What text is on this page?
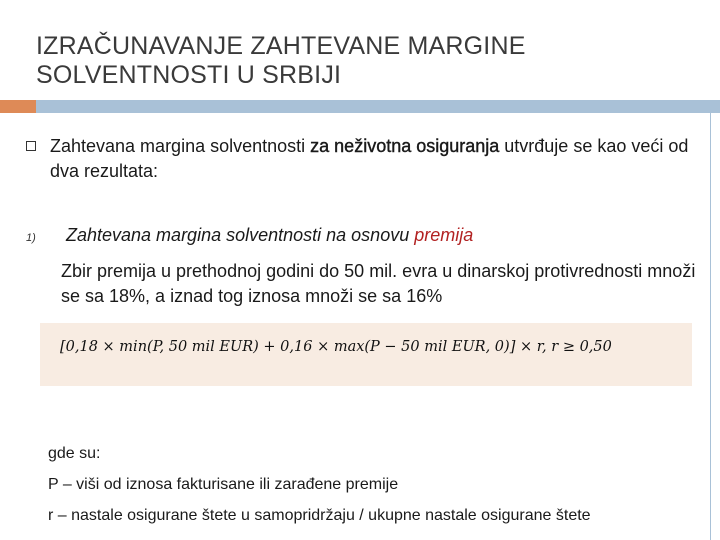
IZRAČUNAVANJE ZAHTEVANE MARGINE
SOLVENTNOSTI U SRBIJI
Zahtevana margina solventnosti za neživotna osiguranja utvrđuje se kao veći od dva rezultata:
1) Zahtevana margina solventnosti na osnovu premija
Zbir premija u prethodnoj godini do 50 mil. evra u dinarskoj protivrednosti množi se sa 18%, a iznad tog iznosa množi se sa 16%
[0,18 × min(P, 50 mil EUR) + 0,16 × max(P − 50 mil EUR, 0)] × r, r ≥ 0,50
gde su:
P – viši od iznosa fakturisane ili zarađene premije
r – nastale osigurane štete u samopridržaju / ukupne nastale osigurane štete
